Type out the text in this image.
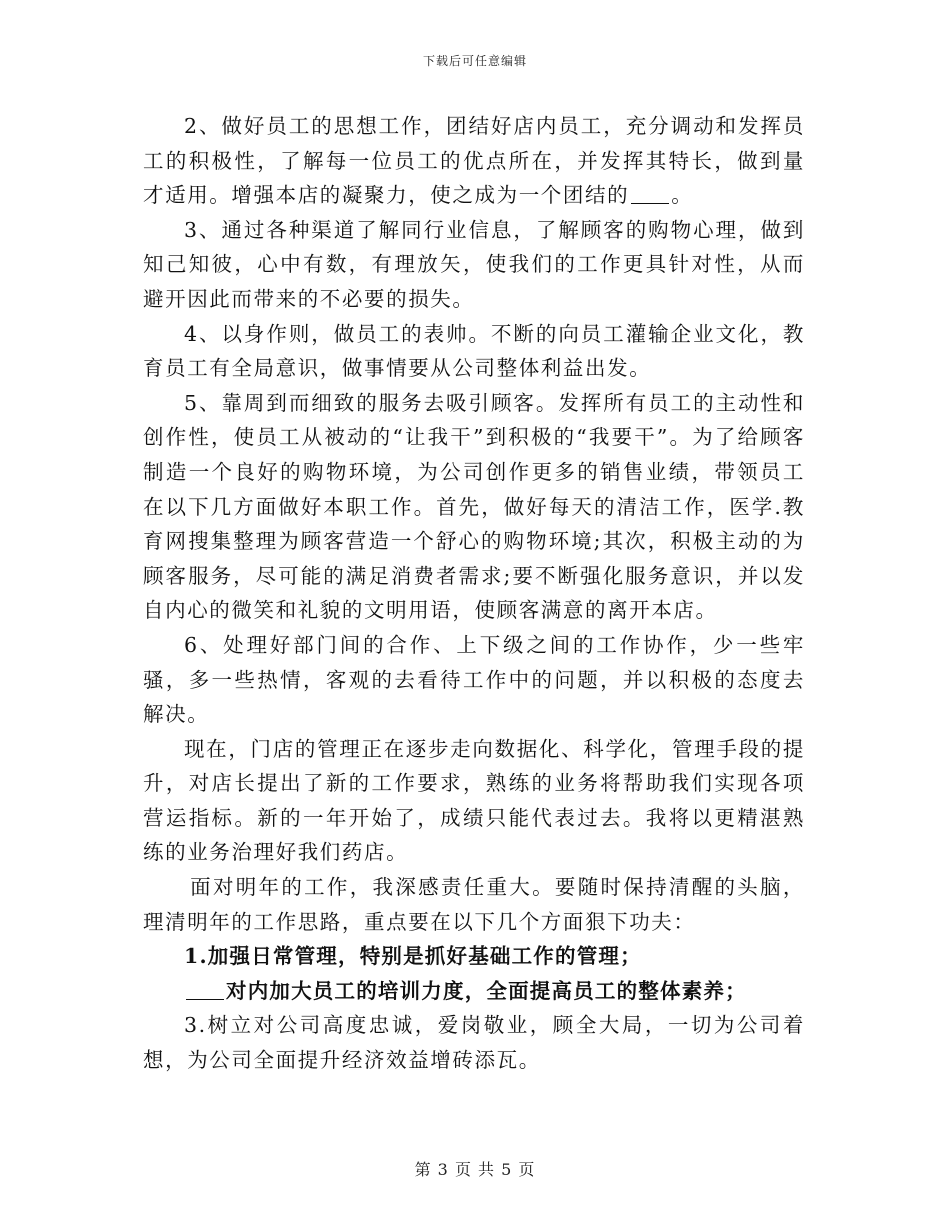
下载后可任意编辑

2、做好员工的思想工作，团结好店内员工，充分调动和发挥员工的积极性，了解每一位员工的优点所在，并发挥其特长，做到量才适用。增强本店的凝聚力，使之成为一个团结的 。

3、通过各种渠道了解同行业信息，了解顾客的购物心理，做到知己知彼，心中有数，有理放矢，使我们的工作更具针对性，从而避开因此而带来的不必要的损失。

4、以身作则，做员工的表帅。不断的向员工灌输企业文化，教育员工有全局意识，做事情要从公司整体利益出发。

5、靠周到而细致的服务去吸引顾客。发挥所有员工的主动性和创作性，使员工从被动的“让我干”到积极的“我要干”。为了给顾客制造一个良好的购物环境，为公司创作更多的销售业绩，带领员工在以下几方面做好本职工作。首先，做好每天的清洁工作，医学.教育网搜集整理为顾客营造一个舒心的购物环境;其次，积极主动的为顾客服务，尽可能的满足消费者需求;要不断强化服务意识，并以发自内心的微笑和礼貌的文明用语，使顾客满意的离开本店。

6、处理好部门间的合作、上下级之间的工作协作，少一些牢骚，多一些热情，客观的去看待工作中的问题，并以积极的态度去解决。

现在，门店的管理正在逐步走向数据化、科学化，管理手段的提升，对店长提出了新的工作要求，熟练的业务将帮助我们实现各项营运指标。新的一年开始了，成绩只能代表过去。我将以更精湛熟练的业务治理好我们药店。

面对明年的工作，我深感责任重大。要随时保持清醒的头脑，理清明年的工作思路，重点要在以下几个方面狠下功夫：

1.加强日常管理，特别是抓好基础工作的管理；

对内加大员工的培训力度，全面提高员工的整体素养；

3.树立对公司高度忠诚，爱岗敬业，顾全大局，一切为公司着想，为公司全面提升经济效益增砖添瓦。

第 3 页 共 5 页
